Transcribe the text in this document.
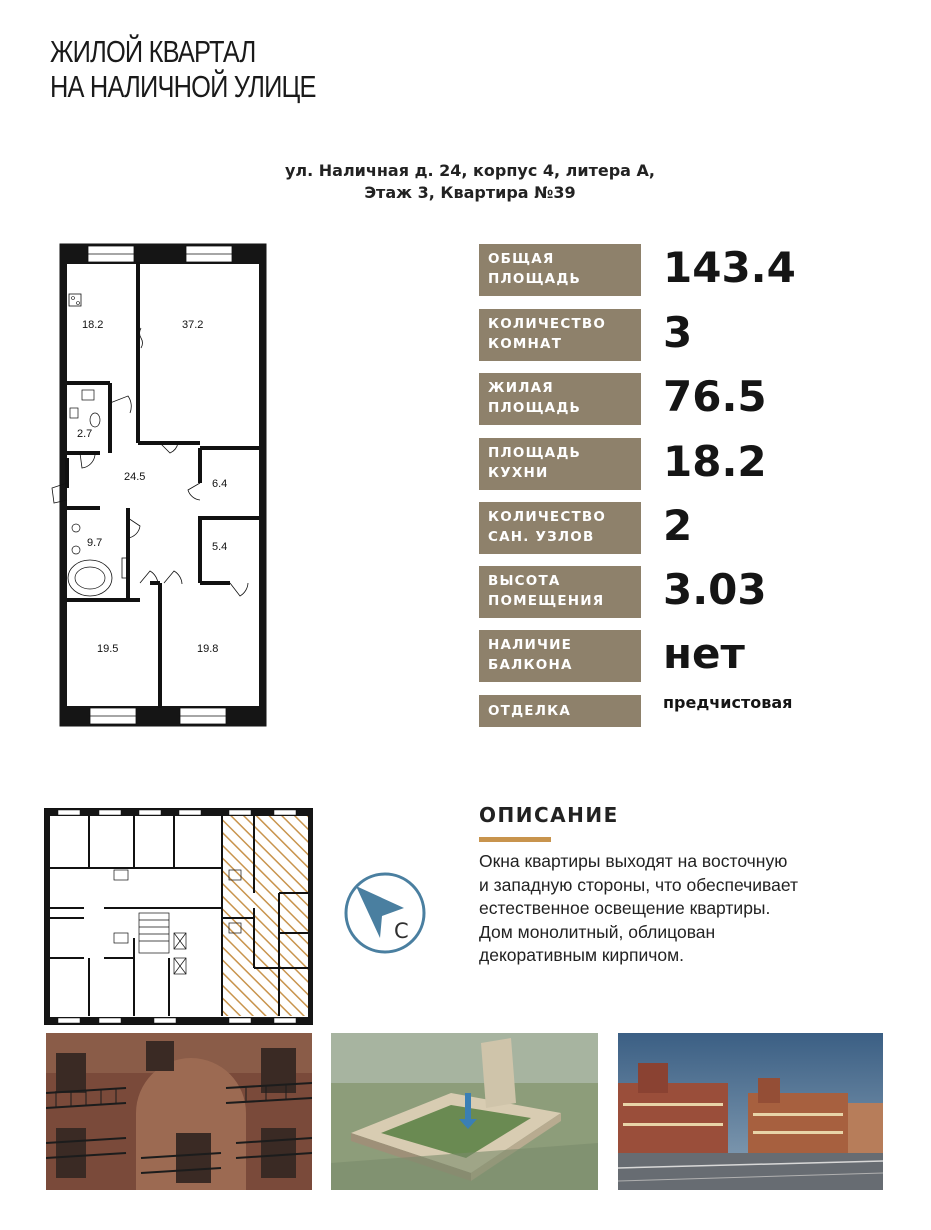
ЖИЛОЙ КВАРТАЛ
НА НАЛИЧНОЙ УЛИЦЕ
ул. Наличная д. 24, корпус 4, литера А,
Этаж 3, Квартира №39
18.2	37.2
2.7
24.5
6.4
9.7	5.4
19.5	19.8
ОБЩАЯ
ПЛОЩАДЬ	143.4
КОЛИЧЕСТВО
КОМНАТ	3
ЖИЛАЯ
ПЛОЩАДЬ	76.5
ПЛОЩАДЬ
КУХНИ	18.2
КОЛИЧЕСТВО
САН. УЗЛОВ	2
ВЫСОТА
ПОМЕЩЕНИЯ	3.03
НАЛИЧИЕ
БАЛКОНА	нет
ОТДЕЛКА	предчистовая
С
ОПИСАНИЕ
Окна квартиры выходят на восточную
и западную стороны, что обеспечивает
естественное освещение квартиры.
Дом монолитный, облицован
декоративным кирпичом.
